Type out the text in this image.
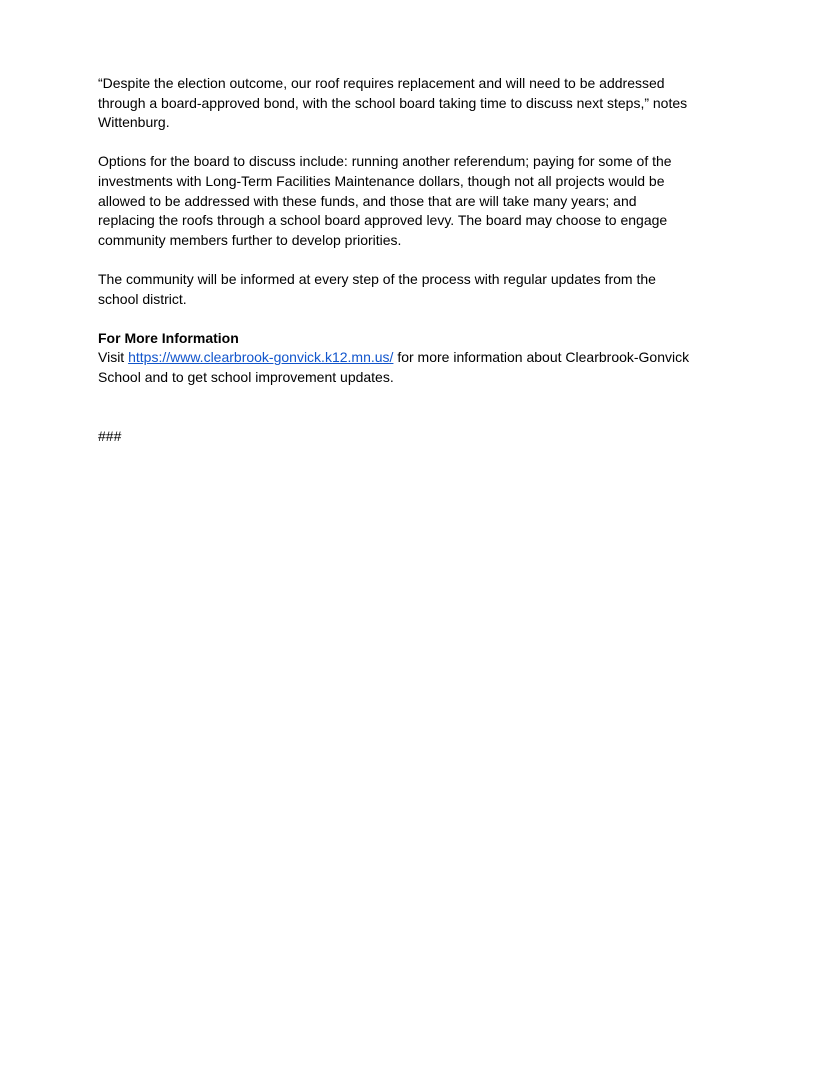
“Despite the election outcome, our roof requires replacement and will need to be addressed
through a board-approved bond, with the school board taking time to discuss next steps,” notes
Wittenburg.
Options for the board to discuss include: running another referendum; paying for some of the
investments with Long-Term Facilities Maintenance dollars, though not all projects would be
allowed to be addressed with these funds, and those that are will take many years; and
replacing the roofs through a school board approved levy. The board may choose to engage
community members further to develop priorities.
The community will be informed at every step of the process with regular updates from the
school district.
For More Information
Visit https://www.clearbrook-gonvick.k12.mn.us/ for more information about Clearbrook-Gonvick
School and to get school improvement updates.
###
